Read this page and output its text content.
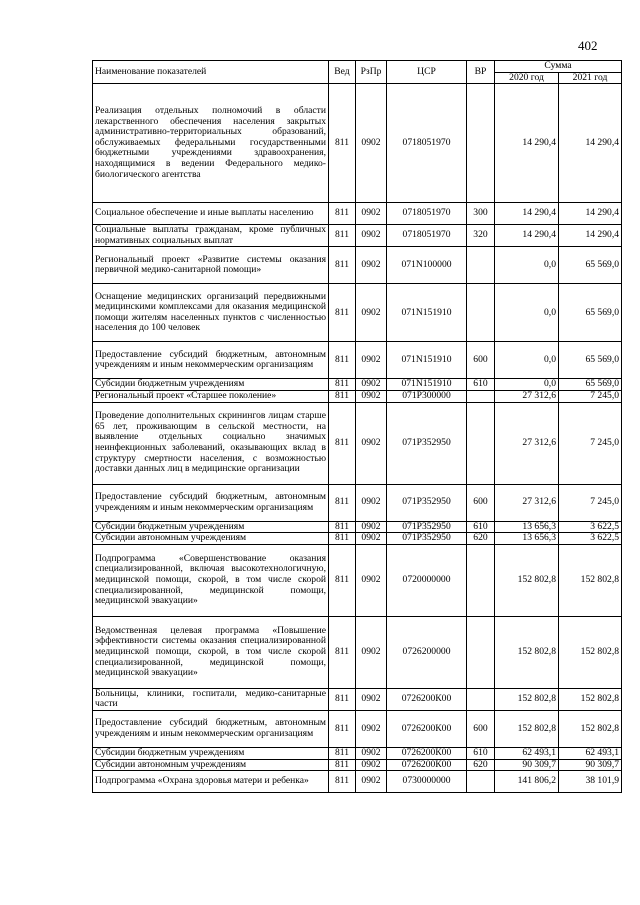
402
Наименование показателей	Вед	РзПр	ЦСР	ВР	Сумма	
					2020 год	2021 год
Реализация отдельных полномочий в области лекарственного обеспечения населения закрытых административно-территориальных образований, обслуживаемых федеральными государственными бюджетными учреждениями здравоохранения, находящимися в ведении Федерального медико-биологического агентства	811	0902	0718051970		14 290,4	14 290,4
Социальное обеспечение и иные выплаты населению	811	0902	0718051970	300	14 290,4	14 290,4
Социальные выплаты гражданам, кроме публичных нормативных социальных выплат	811	0902	0718051970	320	14 290,4	14 290,4
Региональный проект «Развитие системы оказания первичной медико-санитарной помощи»	811	0902	071N100000		0,0	65 569,0
Оснащение медицинских организаций передвижными медицинскими комплексами для оказания медицинской помощи жителям населенных пунктов с численностью населения до 100 человек	811	0902	071N151910		0,0	65 569,0
Предоставление субсидий бюджетным, автономным учреждениям и иным некоммерческим организациям	811	0902	071N151910	600	0,0	65 569,0
Субсидии бюджетным учреждениям	811	0902	071N151910	610	0,0	65 569,0
Региональный проект «Старшее поколение»	811	0902	071P300000		27 312,6	7 245,0
Проведение дополнительных скринингов лицам старше 65 лет, проживающим в сельской местности, на выявление отдельных социально значимых неинфекционных заболеваний, оказывающих вклад в структуру смертности населения, с возможностью доставки данных лиц в медицинские организации	811	0902	071P352950		27 312,6	7 245,0
Предоставление субсидий бюджетным, автономным учреждениям и иным некоммерческим организациям	811	0902	071P352950	600	27 312,6	7 245,0
Субсидии бюджетным учреждениям	811	0902	071P352950	610	13 656,3	3 622,5
Субсидии автономным учреждениям	811	0902	071P352950	620	13 656,3	3 622,5
Подпрограмма «Совершенствование оказания специализированной, включая высокотехнологичную, медицинской помощи, скорой, в том числе скорой специализированной, медицинской помощи, медицинской эвакуации»	811	0902	0720000000		152 802,8	152 802,8
Ведомственная целевая программа «Повышение эффективности системы оказания специализированной медицинской помощи, скорой, в том числе скорой специализированной, медицинской помощи, медицинской эвакуации»	811	0902	0726200000		152 802,8	152 802,8
Больницы, клиники, госпитали, медико-санитарные части	811	0902	0726200К00		152 802,8	152 802,8
Предоставление субсидий бюджетным, автономным учреждениям и иным некоммерческим организациям	811	0902	0726200К00	600	152 802,8	152 802,8
Субсидии бюджетным учреждениям	811	0902	0726200К00	610	62 493,1	62 493,1
Субсидии автономным учреждениям	811	0902	0726200К00	620	90 309,7	90 309,7
Подпрограмма «Охрана здоровья матери и ребенка»	811	0902	0730000000		141 806,2	38 101,9
